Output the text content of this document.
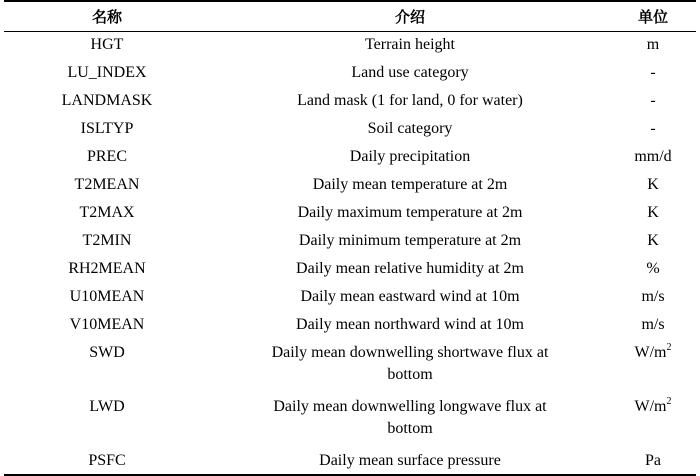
名称	介绍	单位
HGT	Terrain height	m
LU_INDEX	Land use category	-
LANDMASK	Land mask (1 for land, 0 for water)	-
ISLTYP	Soil category	-
PREC	Daily precipitation	mm/d
T2MEAN	Daily mean temperature at 2m	K
T2MAX	Daily maximum temperature at 2m	K
T2MIN	Daily minimum temperature at 2m	K
RH2MEAN	Daily mean relative humidity at 2m	%
U10MEAN	Daily mean eastward wind at 10m	m/s
V10MEAN	Daily mean northward wind at 10m	m/s
SWD	Daily mean downwelling shortwave flux at bottom	$W/m^2$
LWD	Daily mean downwelling longwave flux at bottom	$W/m^2$
PSFC	Daily mean surface pressure	Pa
